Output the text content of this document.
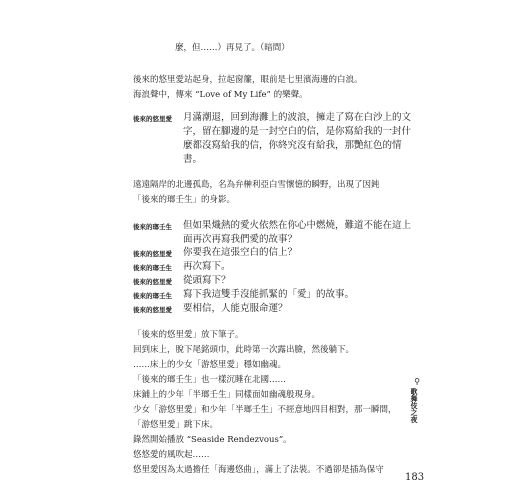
麼，但……）再見了。（暗間）
後來的悠里愛站起身，拉起窗簾，眼前是七里濱海邊的白浪。
海浪聲中，傳來 “Love of My Life” 的樂聲。
後來的悠里愛 月滿潮退，回到海灘上的波浪，擁走了寫在白沙上的文
字，留在腳邊的是一封空白的信，是你寫給我的一封什
麼都沒寫給我的信，你終究沒有給我，那艷紅色的情
書。
遠遠隔岸的北邊孤島，名為弁榊利亞白雪懷憶的瞬野，出現了因鈍
「後來的瑯壬生」的身影。
後來的瑯壬生 但如果熾熱的愛火依然在你心中燃燒，難道不能在這上
面再次再寫我們愛的故事？
後來的悠里愛 你要我在這張空白的信上？
後來的瑯壬生 再次寫下。
後來的悠里愛 從頭寫下？
後來的瑯壬生 寫下我這雙手沒能抓緊的「愛」的故事。
後來的悠里愛 要相信，人能克服命運？
「後來的悠里愛」放下筆子。
回到床上，脫下尾銘頭巾，此時第一次露出臉，然後躺下。
……床上的少女「游悠里愛」穩如幽魂。
「後來的瑯壬生」也一樣沉睡在北國……
床鋪上的少年「半瑯壬生」同樣面如幽魂般現身。
少女「游悠里愛」和少年「半瑯壬生」不經意地四目相對，那一瞬間，
「游悠里愛」跳下床。
錄然開始播放 “Seaside Rendezvous”。
悠悠愛的風吹起……
悠里愛因為太過擔任「海邊悠曲」，滿上了法裝。不過卻是插為保守
⚲
歌舞伎之夜
183
